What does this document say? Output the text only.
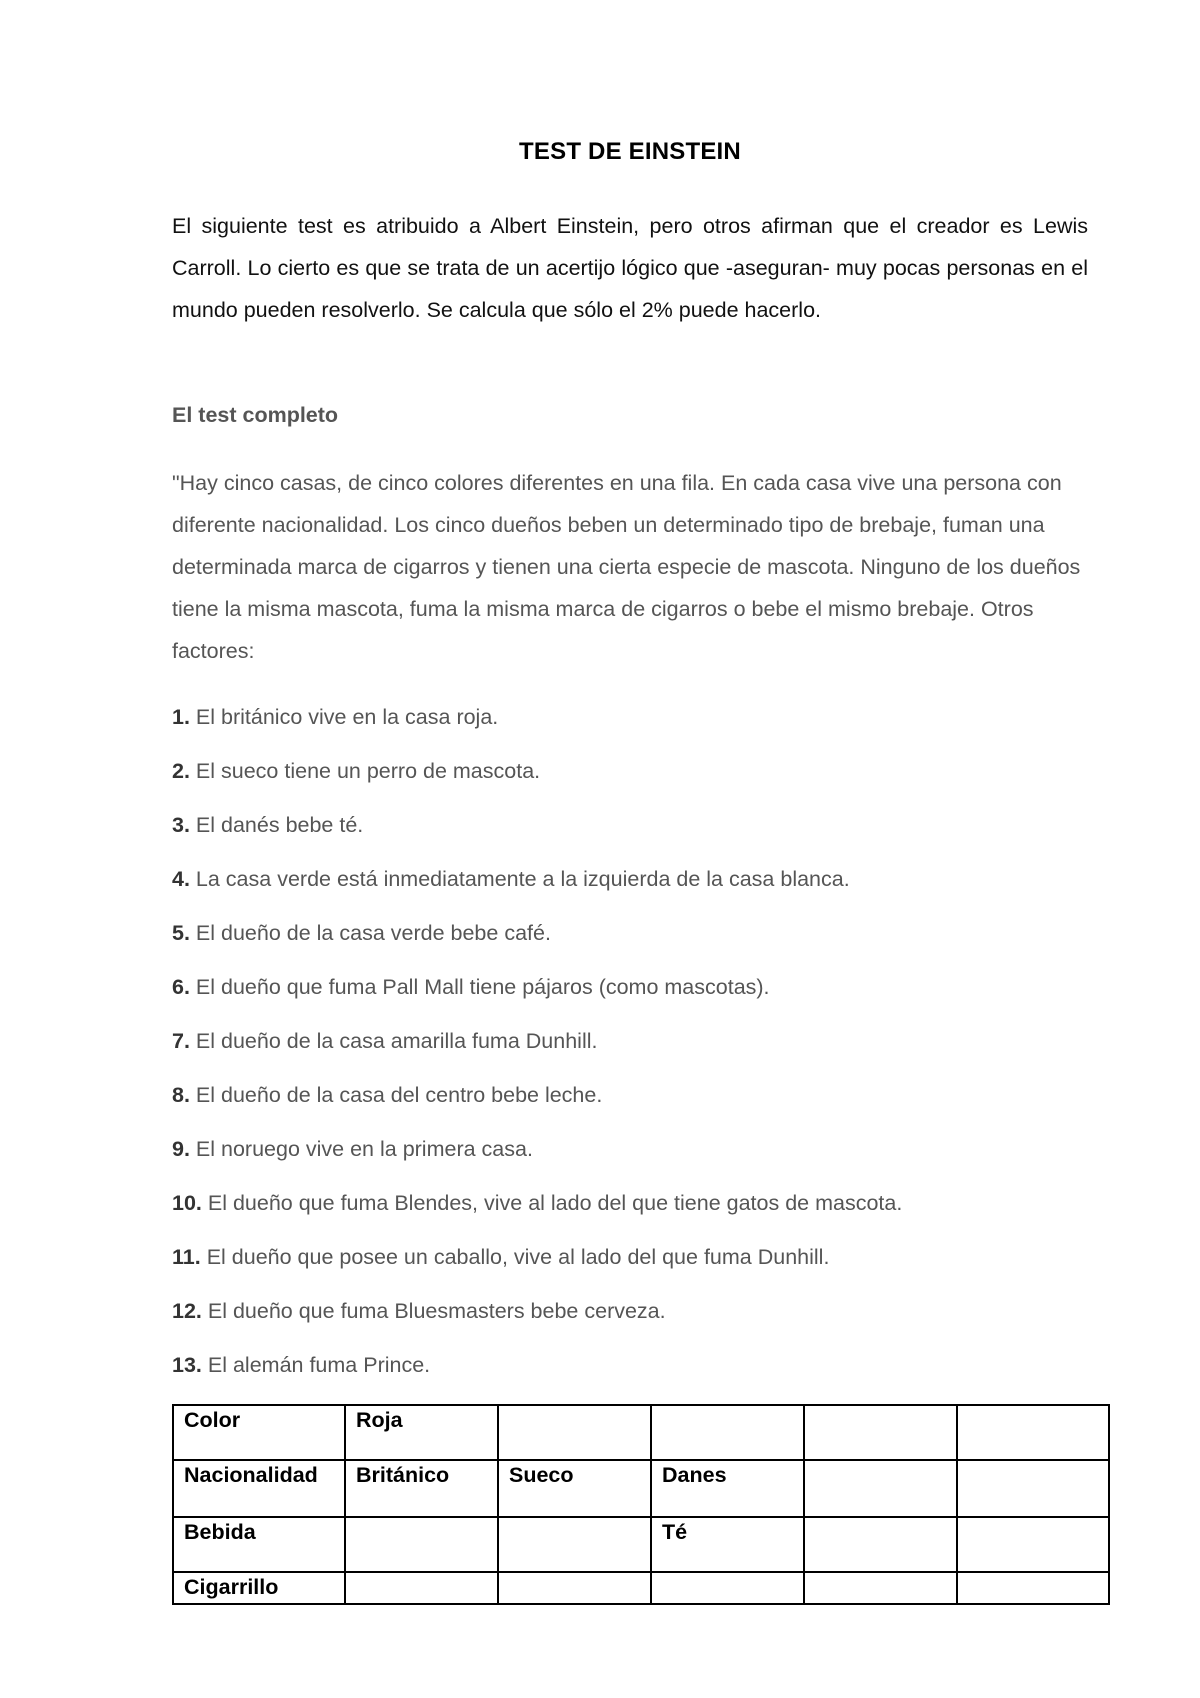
TEST DE EINSTEIN
El siguiente test es atribuido a Albert Einstein, pero otros afirman que el creador es Lewis Carroll. Lo cierto es que se trata de un acertijo lógico que -aseguran- muy pocas personas en el mundo pueden resolverlo. Se calcula que sólo el 2% puede hacerlo.
El test completo
"Hay cinco casas, de cinco colores diferentes en una fila. En cada casa vive una persona con diferente nacionalidad. Los cinco dueños beben un determinado tipo de brebaje, fuman una determinada marca de cigarros y tienen una cierta especie de mascota. Ninguno de los dueños tiene la misma mascota, fuma la misma marca de cigarros o bebe el mismo brebaje. Otros factores:
1. El británico vive en la casa roja.
2. El sueco tiene un perro de mascota.
3. El danés bebe té.
4. La casa verde está inmediatamente a la izquierda de la casa blanca.
5. El dueño de la casa verde bebe café.
6. El dueño que fuma Pall Mall tiene pájaros (como mascotas).
7. El dueño de la casa amarilla fuma Dunhill.
8. El dueño de la casa del centro bebe leche.
9. El noruego vive en la primera casa.
10. El dueño que fuma Blendes, vive al lado del que tiene gatos de mascota.
11. El dueño que posee un caballo, vive al lado del que fuma Dunhill.
12. El dueño que fuma Bluesmasters bebe cerveza.
13. El alemán fuma Prince.
Color	Roja				
Nacionalidad	Británico	Sueco	Danes		
Bebida			Té		
Cigarrillo					
